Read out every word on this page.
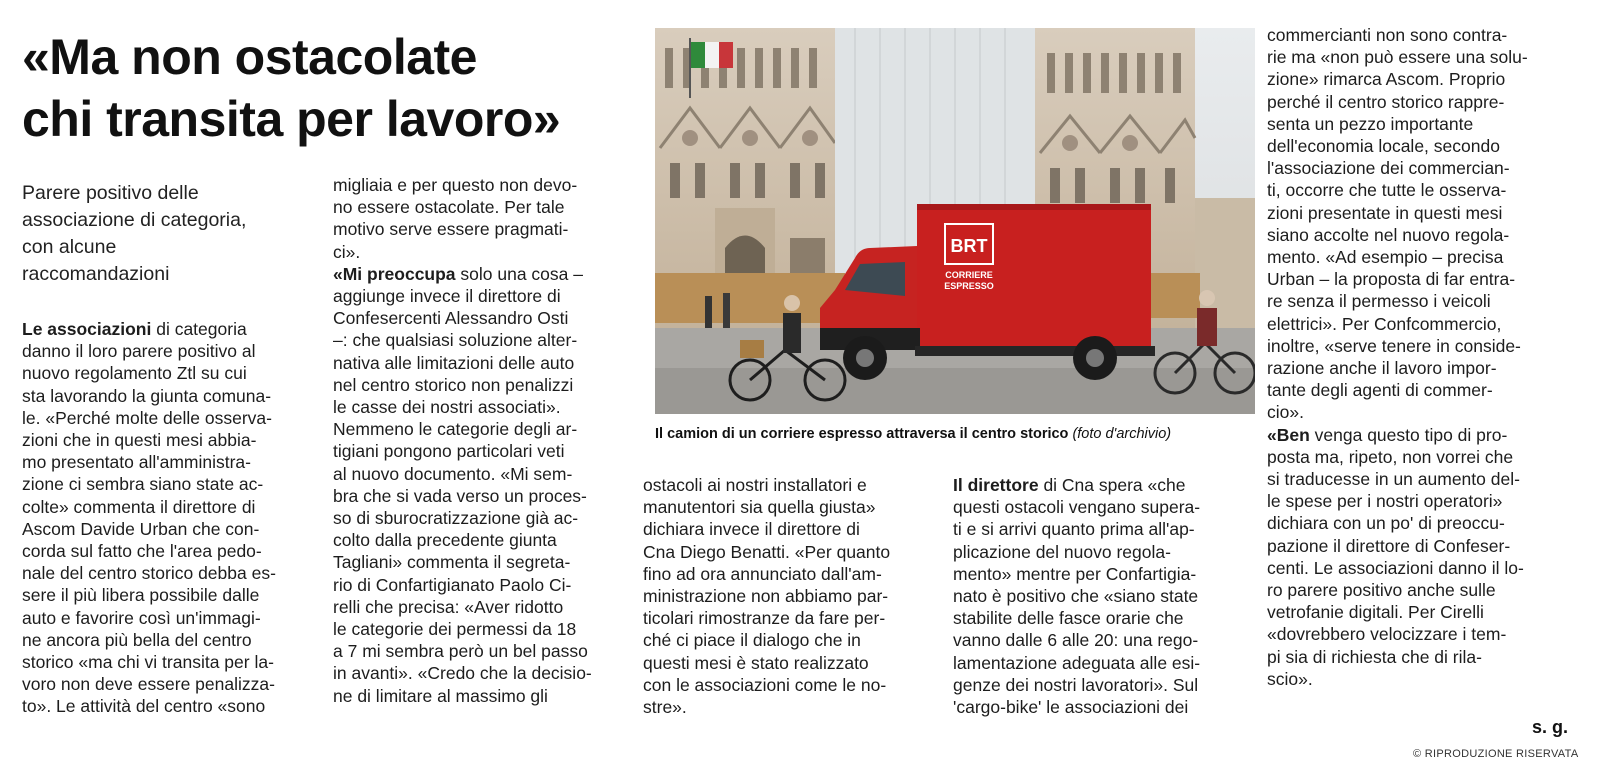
«Ma non ostacolate
chi transita per lavoro»
Parere positivo delle
associazione di categoria,
con alcune
raccomandazioni
Le associazioni di categoria
danno il loro parere positivo al
nuovo regolamento Ztl su cui
sta lavorando la giunta comuna-
le. «Perché molte delle osserva-
zioni che in questi mesi abbia-
mo presentato all'amministra-
zione ci sembra siano state ac-
colte» commenta il direttore di
Ascom Davide Urban che con-
corda sul fatto che l'area pedo-
nale del centro storico debba es-
sere il più libera possibile dalle
auto e favorire così un'immagi-
ne ancora più bella del centro
storico «ma chi vi transita per la-
voro non deve essere penalizza-
to». Le attività del centro «sono
migliaia e per questo non devo-
no essere ostacolate. Per tale
motivo serve essere pragmati-
ci».
«Mi preoccupa solo una cosa –
aggiunge invece il direttore di
Confesercenti Alessandro Osti
–: che qualsiasi soluzione alter-
nativa alle limitazioni delle auto
nel centro storico non penalizzi
le casse dei nostri associati».
Nemmeno le categorie degli ar-
tigiani pongono particolari veti
al nuovo documento. «Mi sem-
bra che si vada verso un proces-
so di sburocratizzazione già ac-
colto dalla precedente giunta
Tagliani» commenta il segreta-
rio di Confartigianato Paolo Ci-
relli che precisa: «Aver ridotto
le categorie dei permessi da 18
a 7 mi sembra però un bel passo
in avanti». «Credo che la decisio-
ne di limitare al massimo gli
ostacoli ai nostri installatori e
manutentori sia quella giusta»
dichiara invece il direttore di
Cna Diego Benatti. «Per quanto
fino ad ora annunciato dall'am-
ministrazione non abbiamo par-
ticolari rimostranze da fare per-
ché ci piace il dialogo che in
questi mesi è stato realizzato
con le associazioni come le no-
stre».
Il direttore di Cna spera «che
questi ostacoli vengano supera-
ti e si arrivi quanto prima all'ap-
plicazione del nuovo regola-
mento» mentre per Confartigia-
nato è positivo che «siano state
stabilite delle fasce orarie che
vanno dalle 6 alle 20: una rego-
lamentazione adeguata alle esi-
genze dei nostri lavoratori». Sul
'cargo-bike' le associazioni dei
commercianti non sono contra-
rie ma «non può essere una solu-
zione» rimarca Ascom. Proprio
perché il centro storico rappre-
senta un pezzo importante
dell'economia locale, secondo
l'associazione dei commercian-
ti, occorre che tutte le osserva-
zioni presentate in questi mesi
siano accolte nel nuovo regola-
mento. «Ad esempio – precisa
Urban – la proposta di far entra-
re senza il permesso i veicoli
elettrici». Per Confcommercio,
inoltre, «serve tenere in conside-
razione anche il lavoro impor-
tante degli agenti di commer-
cio».
«Ben venga questo tipo di pro-
posta ma, ripeto, non vorrei che
si traducesse in un aumento del-
le spese per i nostri operatori»
dichiara con un po' di preoccu-
pazione il direttore di Confeser-
centi. Le associazioni danno il lo-
ro parere positivo anche sulle
vetrofanie digitali. Per Cirelli
«dovrebbero velocizzare i tem-
pi sia di richiesta che di rila-
scio».
BRT
CORRIERE
ESPRESSO
Il camion di un corriere espresso attraversa il centro storico (foto d'archivio)
s. g.
© RIPRODUZIONE RISERVATA
